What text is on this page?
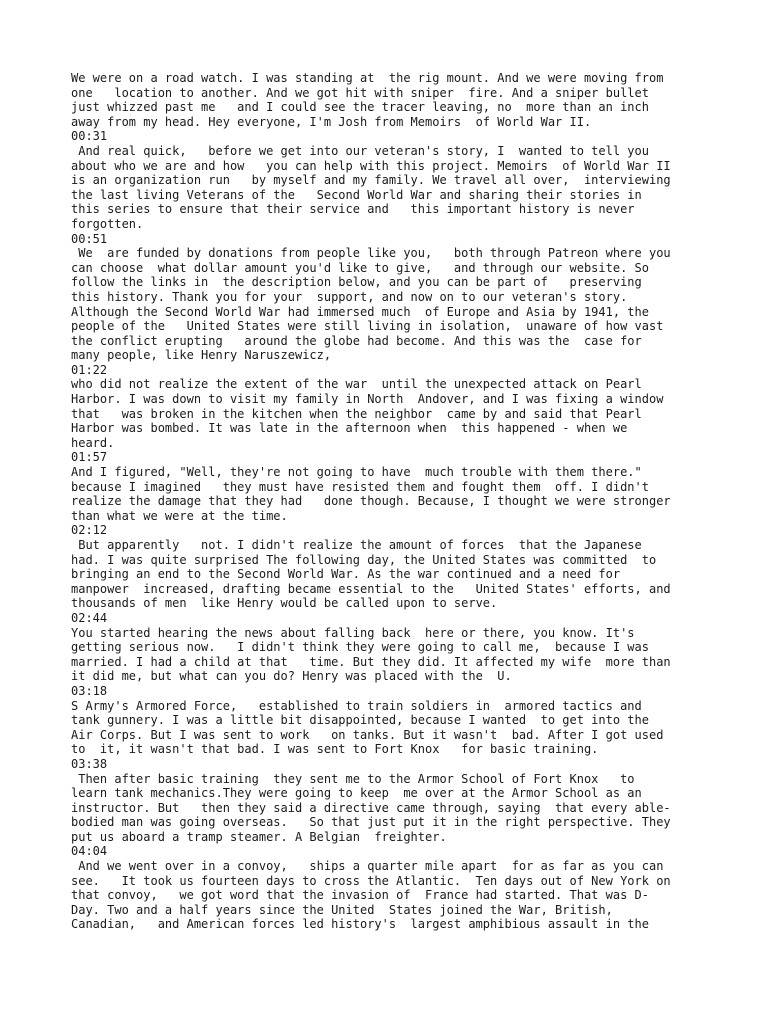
We were on a road watch. I was standing at  the rig mount. And we were moving from
one   location to another. And we got hit with sniper  fire. And a sniper bullet
just whizzed past me   and I could see the tracer leaving, no  more than an inch
away from my head. Hey everyone, I'm Josh from Memoirs  of World War II.
00:31
And real quick,   before we get into our veteran's story, I  wanted to tell you
about who we are and how   you can help with this project. Memoirs  of World War II
is an organization run   by myself and my family. We travel all over,  interviewing
the last living Veterans of the   Second World War and sharing their stories in
this series to ensure that their service and   this important history is never
forgotten.
00:51
We  are funded by donations from people like you,   both through Patreon where you
can choose  what dollar amount you'd like to give,   and through our website. So
follow the links in  the description below, and you can be part of   preserving
this history. Thank you for your  support, and now on to our veteran's story.
Although the Second World War had immersed much  of Europe and Asia by 1941, the
people of the   United States were still living in isolation,  unaware of how vast
the conflict erupting   around the globe had become. And this was the  case for
many people, like Henry Naruszewicz,
01:22
who did not realize the extent of the war  until the unexpected attack on Pearl
Harbor. I was down to visit my family in North  Andover, and I was fixing a window
that   was broken in the kitchen when the neighbor  came by and said that Pearl
Harbor was bombed. It was late in the afternoon when  this happened - when we
heard.
01:57
And I figured, "Well, they're not going to have  much trouble with them there."
because I imagined   they must have resisted them and fought them  off. I didn't
realize the damage that they had   done though. Because, I thought we were stronger
than what we were at the time.
02:12
But apparently   not. I didn't realize the amount of forces  that the Japanese
had. I was quite surprised The following day, the United States was committed  to
bringing an end to the Second World War. As the war continued and a need for
manpower  increased, drafting became essential to the   United States' efforts, and
thousands of men  like Henry would be called upon to serve.
02:44
You started hearing the news about falling back  here or there, you know. It's
getting serious now.   I didn't think they were going to call me,  because I was
married. I had a child at that   time. But they did. It affected my wife  more than
it did me, but what can you do? Henry was placed with the  U.
03:18
S Army's Armored Force,   established to train soldiers in  armored tactics and
tank gunnery. I was a little bit disappointed, because I wanted  to get into the
Air Corps. But I was sent to work   on tanks. But it wasn't  bad. After I got used
to  it, it wasn't that bad. I was sent to Fort Knox   for basic training.
03:38
Then after basic training  they sent me to the Armor School of Fort Knox   to
learn tank mechanics.They were going to keep  me over at the Armor School as an
instructor. But   then they said a directive came through, saying  that every able-
bodied man was going overseas.   So that just put it in the right perspective. They
put us aboard a tramp steamer. A Belgian  freighter.
04:04
And we went over in a convoy,   ships a quarter mile apart  for as far as you can
see.   It took us fourteen days to cross the Atlantic.  Ten days out of New York on
that convoy,   we got word that the invasion of  France had started. That was D-
Day. Two and a half years since the United  States joined the War, British,
Canadian,   and American forces led history's  largest amphibious assault in the
